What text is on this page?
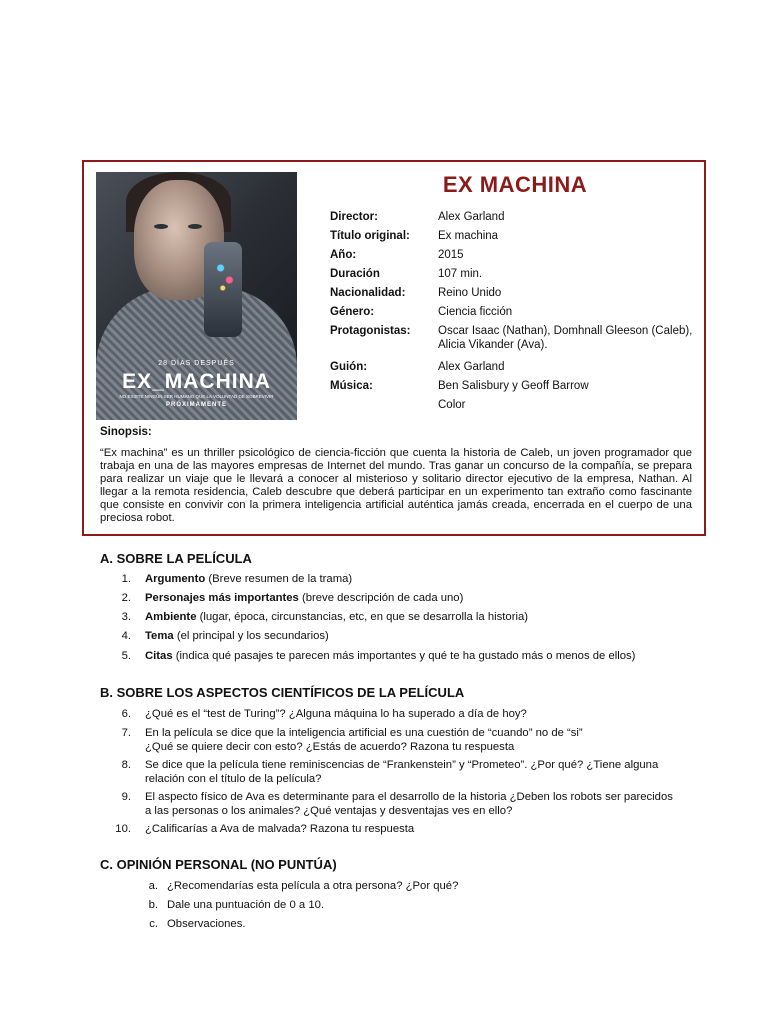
28 DÍAS DESPUÉS
EX_MACHINA
NO EXISTE NINGÚN SER HUMANO QUE LA VOLUNTAD DE SOBREVIVIR
PRÓXIMAMENTE
EX MACHINA
Director:	Alex Garland
Título original:	Ex machina
Año:	2015
Duración	107 min.
Nacionalidad:	Reino Unido
Género:	Ciencia ficción
Protagonistas:	Oscar Isaac (Nathan), Domhnall Gleeson (Caleb), Alicia Vikander (Ava).
Guión:	Alex Garland
Música:	Ben Salisbury y Geoff Barrow
Color
Sinopsis:
“Ex machina” es un thriller psicológico de ciencia-ficción que cuenta la historia de Caleb, un joven programador que trabaja en una de las mayores empresas de Internet del mundo. Tras ganar un concurso de la compañía, se prepara para realizar un viaje que le llevará a conocer al misterioso y solitario director ejecutivo de la empresa, Nathan. Al llegar a la remota residencia, Caleb descubre que deberá participar en un experimento tan extraño como fascinante que consiste en convivir con la primera inteligencia artificial auténtica jamás creada, encerrada en el cuerpo de una preciosa robot.
A. SOBRE LA PELÍCULA
1. Argumento (Breve resumen de la trama)
2. Personajes más importantes (breve descripción de cada uno)
3. Ambiente (lugar, época, circunstancias, etc, en que se desarrolla la historia)
4. Tema (el principal y los secundarios)
5. Citas (indica qué pasajes te parecen más importantes y qué te ha gustado más o menos de ellos)
B. SOBRE LOS ASPECTOS CIENTÍFICOS DE LA PELÍCULA
6. ¿Qué es el “test de Turing”? ¿Alguna máquina lo ha superado a día de hoy?
7. En la película se dice que la inteligencia artificial es una cuestión de “cuando” no de “si”
¿Qué se quiere decir con esto? ¿Estás de acuerdo? Razona tu respuesta
8. Se dice que la película tiene reminiscencias de “Frankenstein” y “Prometeo”. ¿Por qué? ¿Tiene alguna
relación con el título de la película?
9. El aspecto físico de Ava es determinante para el desarrollo de la historia ¿Deben los robots ser parecidos
a las personas o los animales? ¿Qué ventajas y desventajas ves en ello?
10. ¿Calificarías a Ava de malvada? Razona tu respuesta
C. OPINIÓN PERSONAL (NO PUNTÚA)
a. ¿Recomendarías esta película a otra persona? ¿Por qué?
b. Dale una puntuación de 0 a 10.
c. Observaciones.
